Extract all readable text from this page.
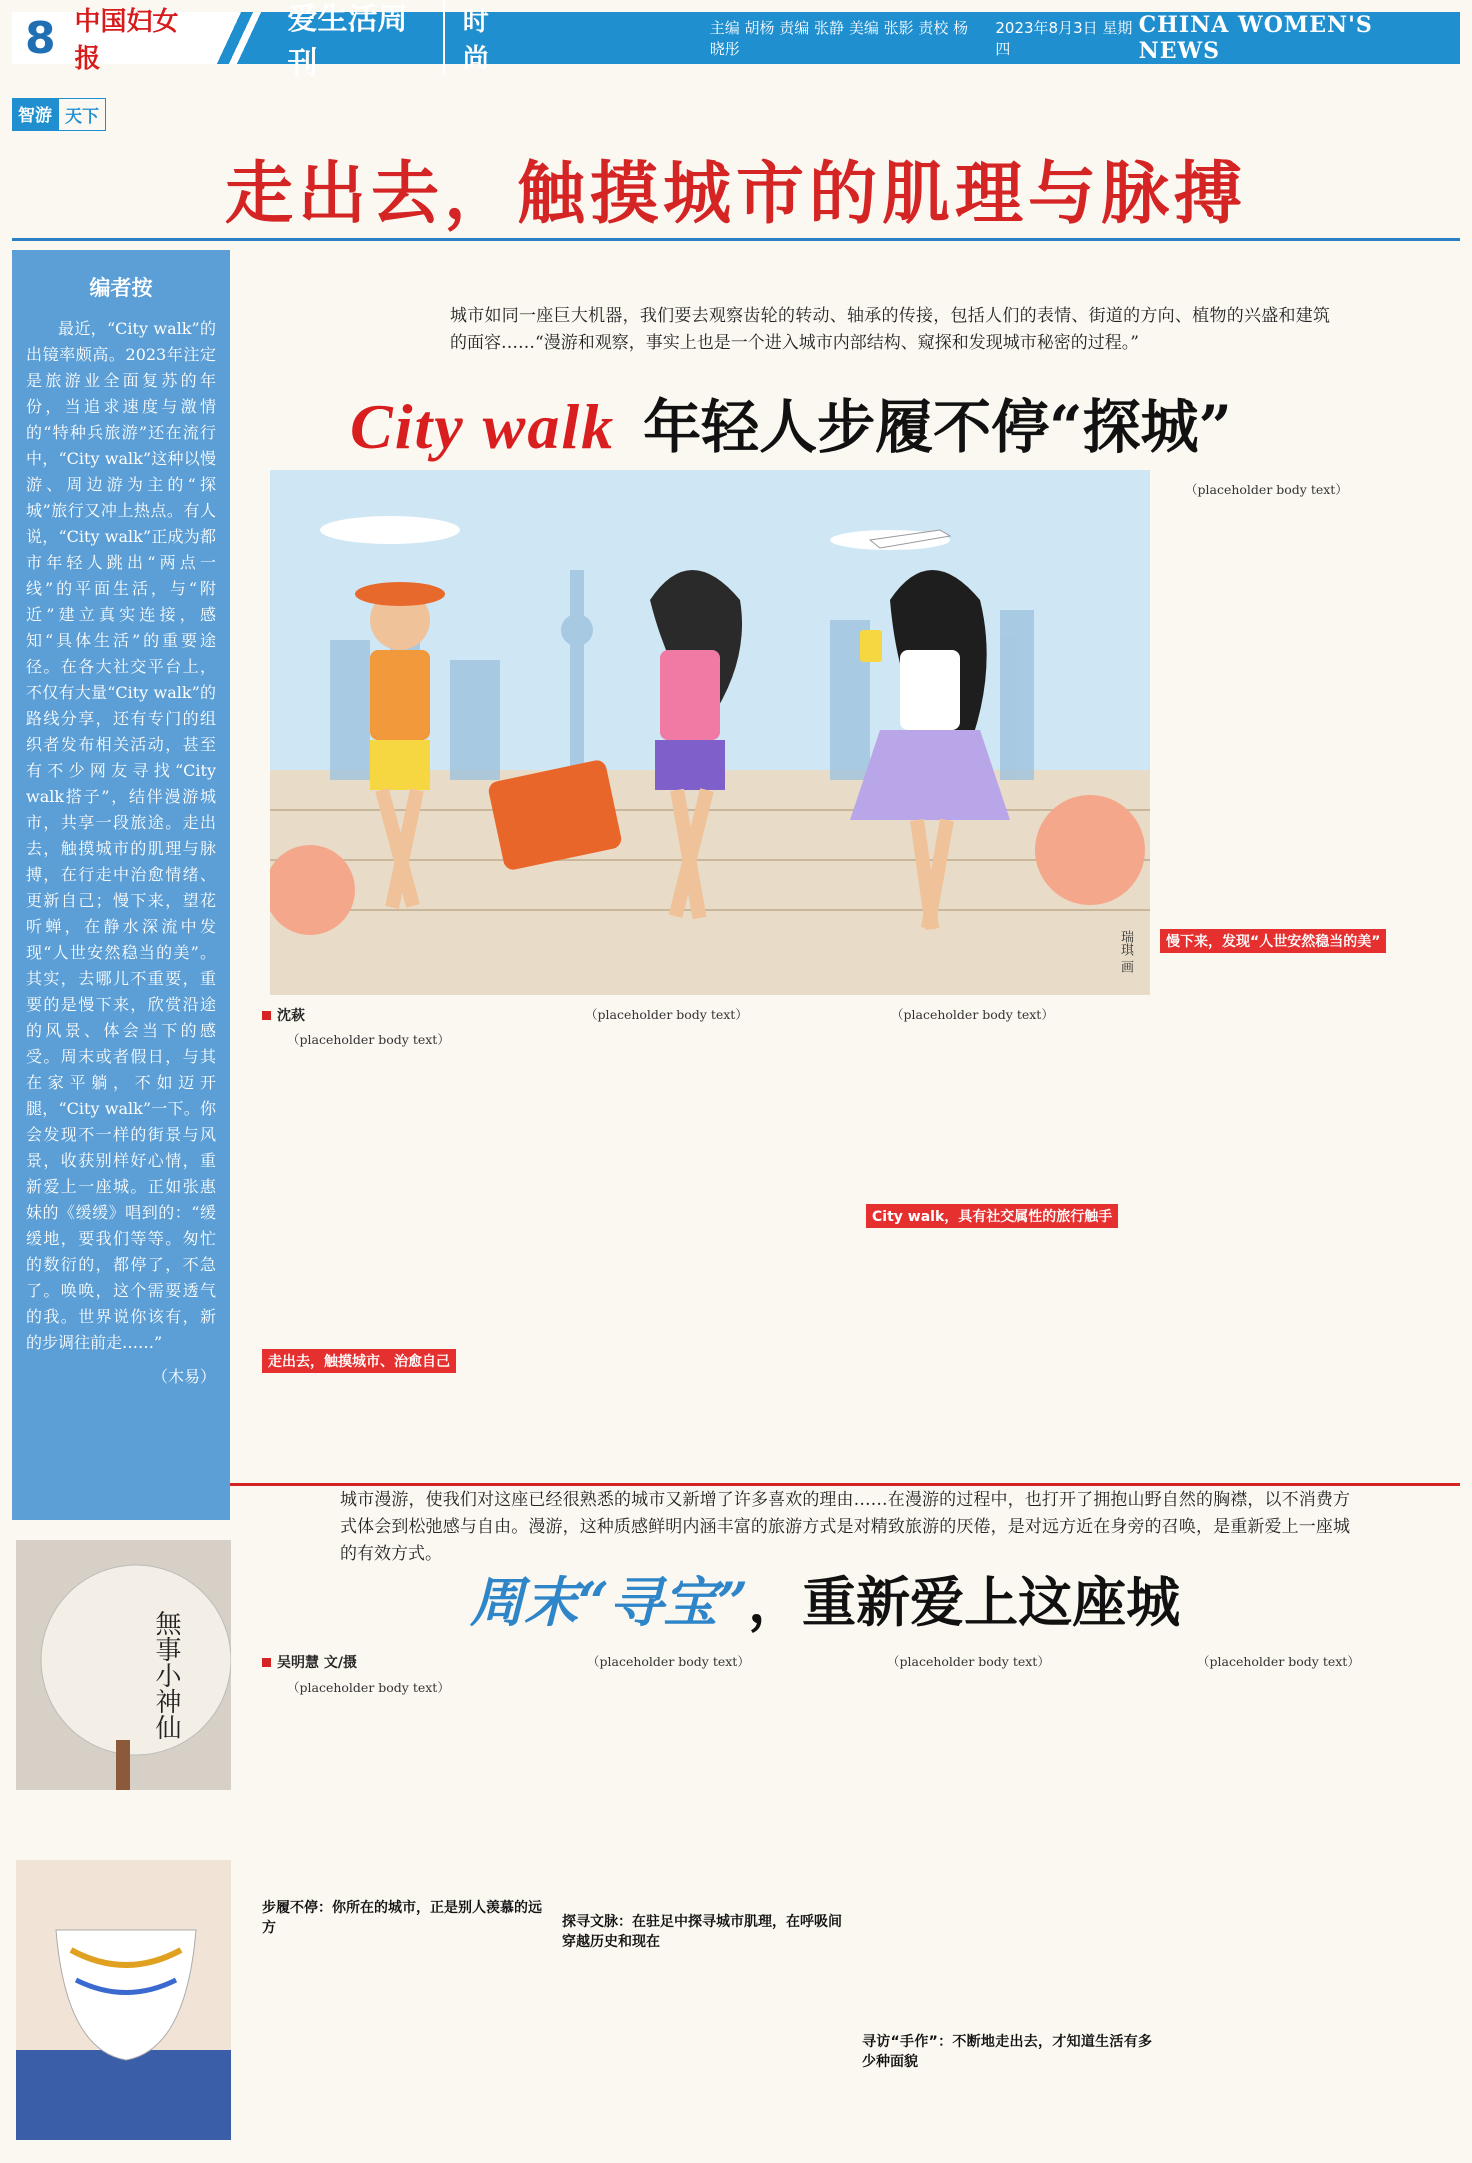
8 中国妇女报
爱生活周刊
时尚
主编 胡杨 责编 张静 美编 张影 责校 杨晓彤
2023年8月3日 星期四
CHINA WOMEN'S NEWS
智游 天下
走出去，触摸城市的肌理与脉搏
编者按
最近，“City walk”的出镜率颇高。2023年注定是旅游业全面复苏的年份，当追求速度与激情的“特种兵旅游”还在流行中，“City walk”这种以慢游、周边游为主的“探城”旅行又冲上热点。有人说，“City walk”正成为都市年轻人跳出“两点一线”的平面生活，与“附近”建立真实连接，感知“具体生活”的重要途径。在各大社交平台上，不仅有大量“City walk”的路线分享，还有专门的组织者发布相关活动，甚至有不少网友寻找“City walk搭子”，结伴漫游城市，共享一段旅途。走出去，触摸城市的肌理与脉搏，在行走中治愈情绪、更新自己；慢下来，望花听蝉，在静水深流中发现“人世安然稳当的美”。其实，去哪儿不重要，重要的是慢下来，欣赏沿途的风景、体会当下的感受。周末或者假日，与其在家平躺，不如迈开腿，“City walk”一下。你会发现不一样的街景与风景，收获别样好心情，重新爱上一座城。正如张惠妹的《缓缓》唱到的：“缓缓地，要我们等等。匆忙的数衍的，都停了，不急了。唤唤，这个需要透气的我。世界说你该有，新的步调往前走……”
（木易）
城市如同一座巨大机器，我们要去观察齿轮的转动、轴承的传接，包括人们的表情、街道的方向、植物的兴盛和建筑的面容……“漫游和观察，事实上也是一个进入城市内部结构、窥探和发现城市秘密的过程。”
City walk 年轻人步履不停“探城”
瑞琪 画
沈萩

（placeholder body text）

走出去，触摸城市、治愈自己

（placeholder body text）	（placeholder body text）

City walk，具有社交属性的旅行触手

（placeholder body text）

慢下来，发现“人世安然稳当的美”
城市漫游，使我们对这座已经很熟悉的城市又新增了许多喜欢的理由……在漫游的过程中，也打开了拥抱山野自然的胸襟，以不消费方式体会到松弛感与自由。漫游，这种质感鲜明内涵丰富的旅游方式是对精致旅游的厌倦，是对远方近在身旁的召唤，是重新爱上一座城的有效方式。
周末“寻宝” ，重新爱上这座城
無事小神仙	吴明慧 文/摄

（placeholder body text）

步履不停：你所在的城市，正是别人羡慕的远方

（placeholder body text）

探寻文脉：在驻足中探寻城市肌理，在呼吸间穿越历史和现在

（placeholder body text）

寻访“手作”：不断地走出去，才知道生活有多少种面貌

（placeholder body text）
